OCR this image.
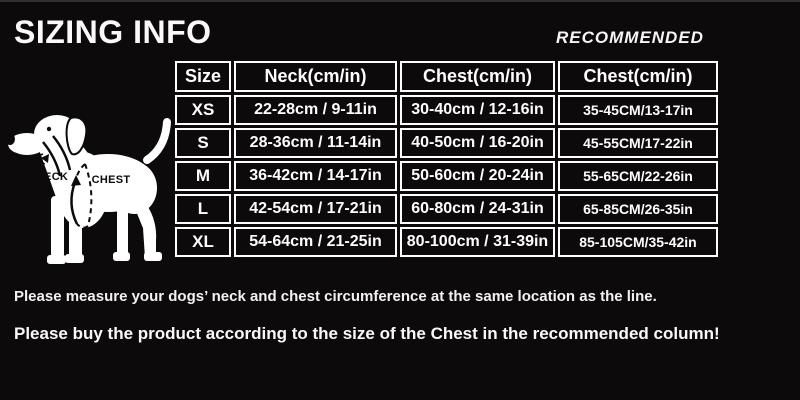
SIZING INFO	RECOMMENDED
NECK CHEST
Size	Neck(cm/in)	Chest(cm/in)	Chest(cm/in)
XS	22-28cm / 9-11in	30-40cm / 12-16in	35-45CM/13-17in
S	28-36cm / 11-14in	40-50cm / 16-20in	45-55CM/17-22in
M	36-42cm / 14-17in	50-60cm / 20-24in	55-65CM/22-26in
L	42-54cm / 17-21in	60-80cm / 24-31in	65-85CM/26-35in
XL	54-64cm / 21-25in	80-100cm / 31-39in	85-105CM/35-42in

Please measure your dogs’ neck and chest circumference at the same location as the line.

Please buy the product according to the size of the Chest in the recommended column!
